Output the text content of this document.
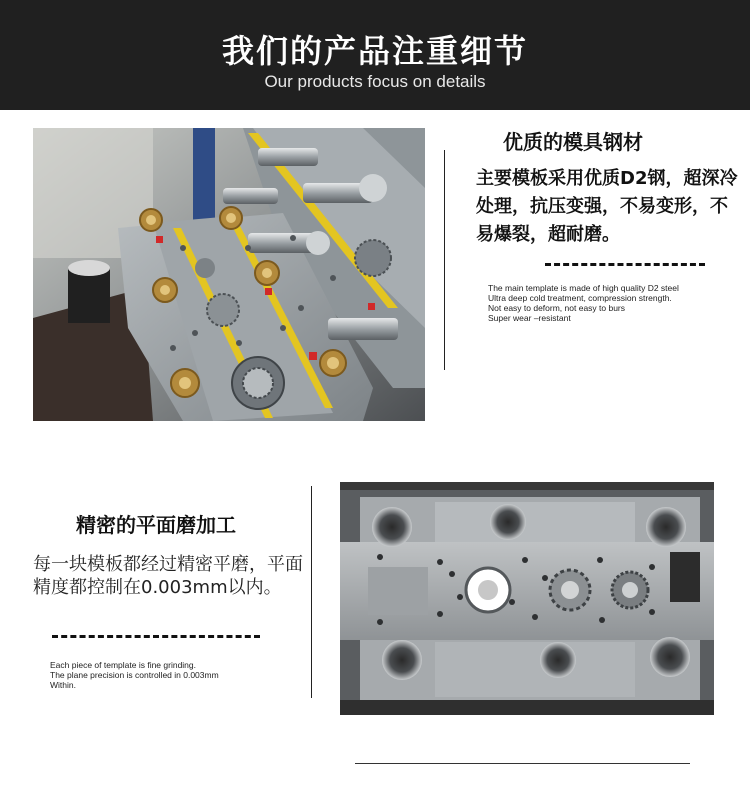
我们的产品注重细节
Our products focus on details
优质的模具钢材
主要模板采用优质D2钢，超深冷处理，抗压变强，不易变形，不易爆裂，超耐磨。
The main template is made of high quality D2 steel
Ultra deep cold treatment, compression strength.
Not easy to deform, not easy to burs
Super wear –resistant
精密的平面磨加工
每一块模板都经过精密平磨，平面精度都控制在0.003mm以内。
Each piece of template is fine grinding.
The plane precision is controlled in 0.003mm
Within.
